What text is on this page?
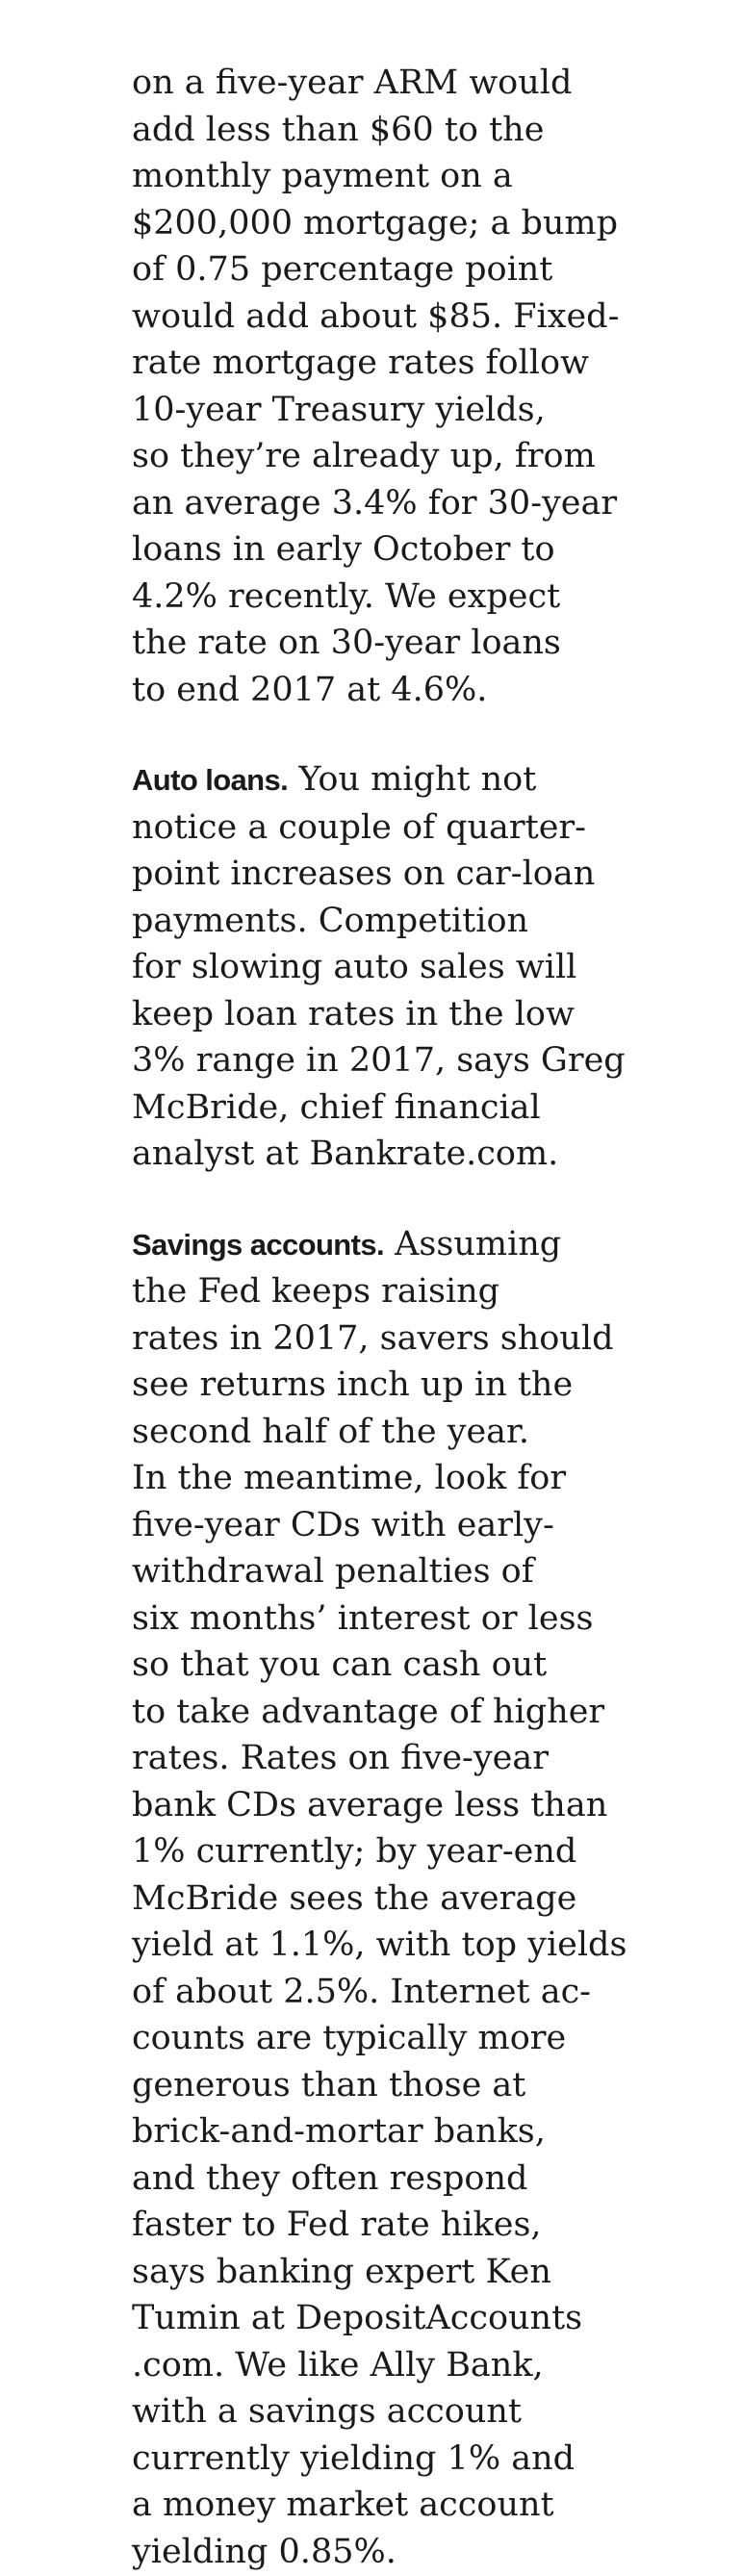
on a five-year ARM would
add less than $60 to the
monthly payment on a
$200,000 mortgage; a bump
of 0.75 percentage point
would add about $85. Fixed-
rate mortgage rates follow
10-year Treasury yields,
so they’re already up, from
an average 3.4% for 30-year
loans in early October to
4.2% recently. We expect
the rate on 30-year loans
to end 2017 at 4.6%.

Auto loans. You might not
notice a couple of quarter-
point increases on car-loan
payments. Competition
for slowing auto sales will
keep loan rates in the low
3% range in 2017, says Greg
McBride, chief financial
analyst at Bankrate.com.

Savings accounts. Assuming
the Fed keeps raising
rates in 2017, savers should
see returns inch up in the
second half of the year.
In the meantime, look for
five-year CDs with early-
withdrawal penalties of
six months’ interest or less
so that you can cash out
to take advantage of higher
rates. Rates on five-year
bank CDs average less than
1% currently; by year-end
McBride sees the average
yield at 1.1%, with top yields
of about 2.5%. Internet ac-
counts are typically more
generous than those at
brick-and-mortar banks,
and they often respond
faster to Fed rate hikes,
says banking expert Ken
Tumin at DepositAccounts
.com. We like Ally Bank,
with a savings account
currently yielding 1% and
a money market account
yielding 0.85%.
